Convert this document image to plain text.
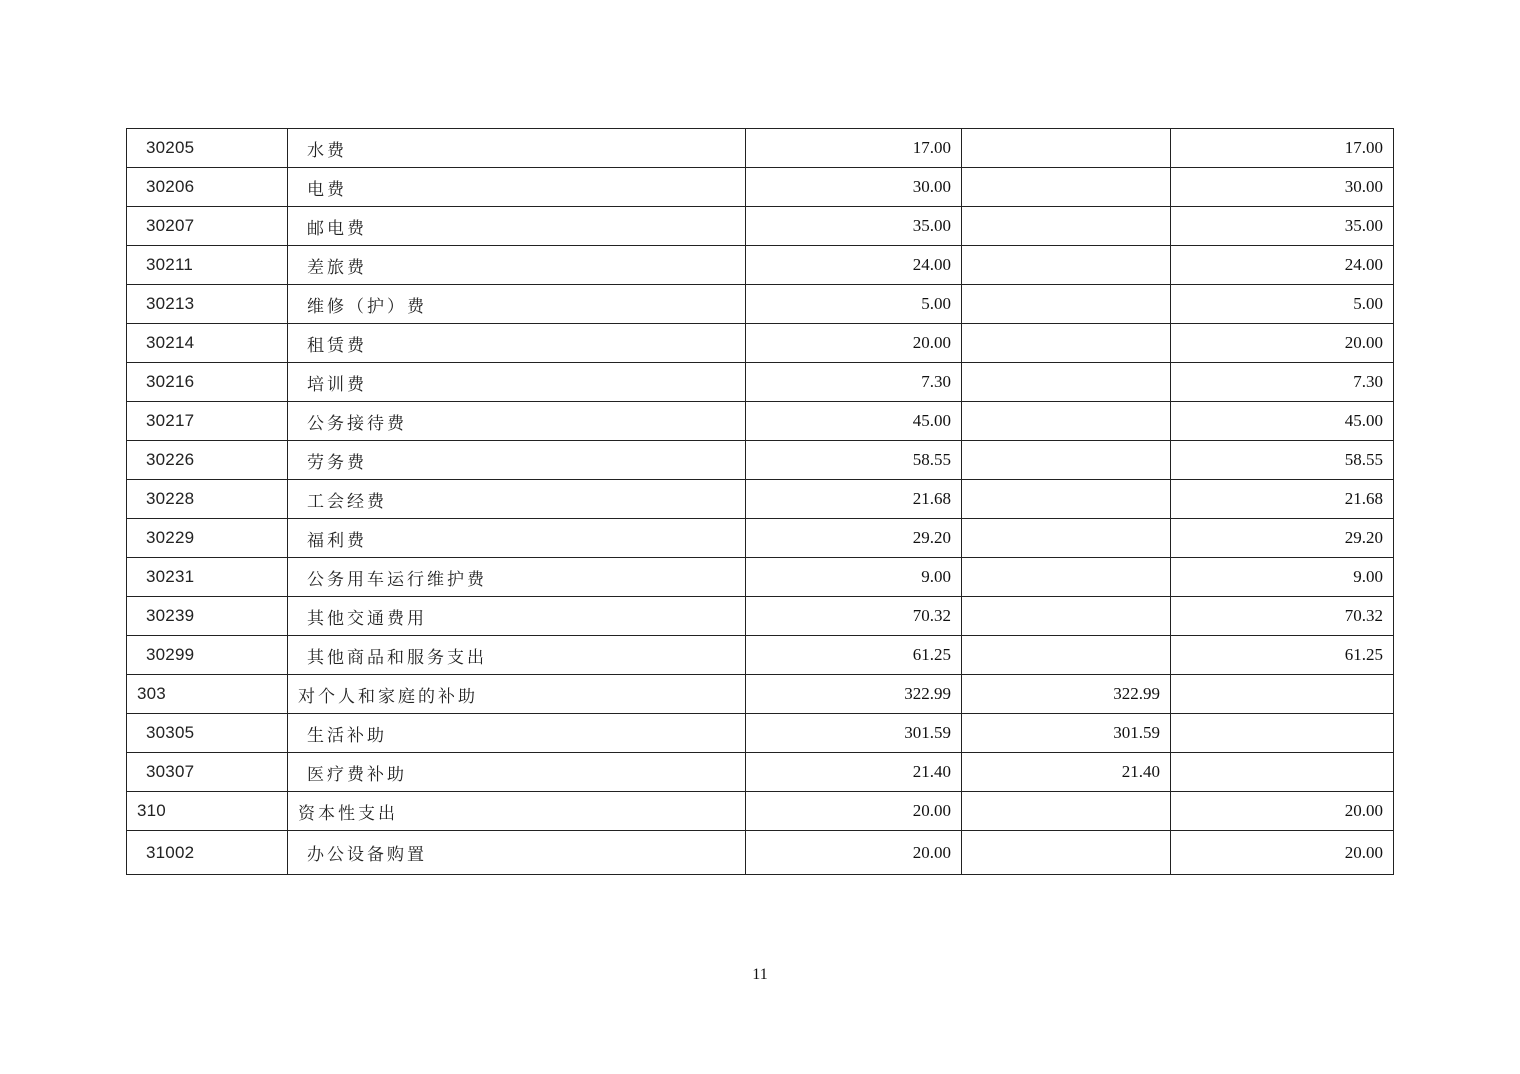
30205	水费	17.00		17.00
30206	电费	30.00		30.00
30207	邮电费	35.00		35.00
30211	差旅费	24.00		24.00
30213	维修（护）费	5.00		5.00
30214	租赁费	20.00		20.00
30216	培训费	7.30		7.30
30217	公务接待费	45.00		45.00
30226	劳务费	58.55		58.55
30228	工会经费	21.68		21.68
30229	福利费	29.20		29.20
30231	公务用车运行维护费	9.00		9.00
30239	其他交通费用	70.32		70.32
30299	其他商品和服务支出	61.25		61.25
303	对个人和家庭的补助	322.99	322.99	
30305	生活补助	301.59	301.59	
30307	医疗费补助	21.40	21.40	
310	资本性支出	20.00		20.00
31002	办公设备购置	20.00		20.00
11
